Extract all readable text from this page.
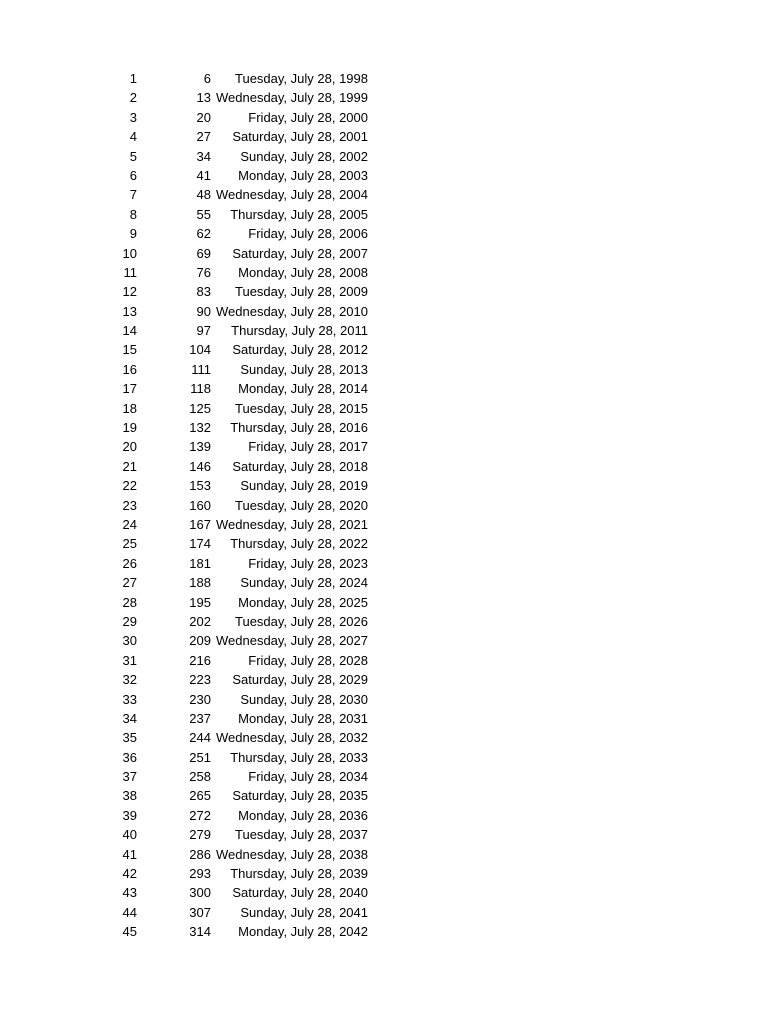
1	6	Tuesday, July 28, 1998
2	13 Wednesday, July 28, 1999
3	20	Friday, July 28, 2000
4	27	Saturday, July 28, 2001
5	34	Sunday, July 28, 2002
6	41	Monday, July 28, 2003
7	48 Wednesday, July 28, 2004
8	55	Thursday, July 28, 2005
9	62	Friday, July 28, 2006
10	69	Saturday, July 28, 2007
11	76	Monday, July 28, 2008
12	83	Tuesday, July 28, 2009
13	90 Wednesday, July 28, 2010
14	97	Thursday, July 28, 2011
15	104	Saturday, July 28, 2012
16	111	Sunday, July 28, 2013
17	118	Monday, July 28, 2014
18	125	Tuesday, July 28, 2015
19	132	Thursday, July 28, 2016
20	139	Friday, July 28, 2017
21	146	Saturday, July 28, 2018
22	153	Sunday, July 28, 2019
23	160	Tuesday, July 28, 2020
24	167 Wednesday, July 28, 2021
25	174	Thursday, July 28, 2022
26	181	Friday, July 28, 2023
27	188	Sunday, July 28, 2024
28	195	Monday, July 28, 2025
29	202	Tuesday, July 28, 2026
30	209 Wednesday, July 28, 2027
31	216	Friday, July 28, 2028
32	223	Saturday, July 28, 2029
33	230	Sunday, July 28, 2030
34	237	Monday, July 28, 2031
35	244 Wednesday, July 28, 2032
36	251	Thursday, July 28, 2033
37	258	Friday, July 28, 2034
38	265	Saturday, July 28, 2035
39	272	Monday, July 28, 2036
40	279	Tuesday, July 28, 2037
41	286 Wednesday, July 28, 2038
42	293	Thursday, July 28, 2039
43	300	Saturday, July 28, 2040
44	307	Sunday, July 28, 2041
45	314	Monday, July 28, 2042
